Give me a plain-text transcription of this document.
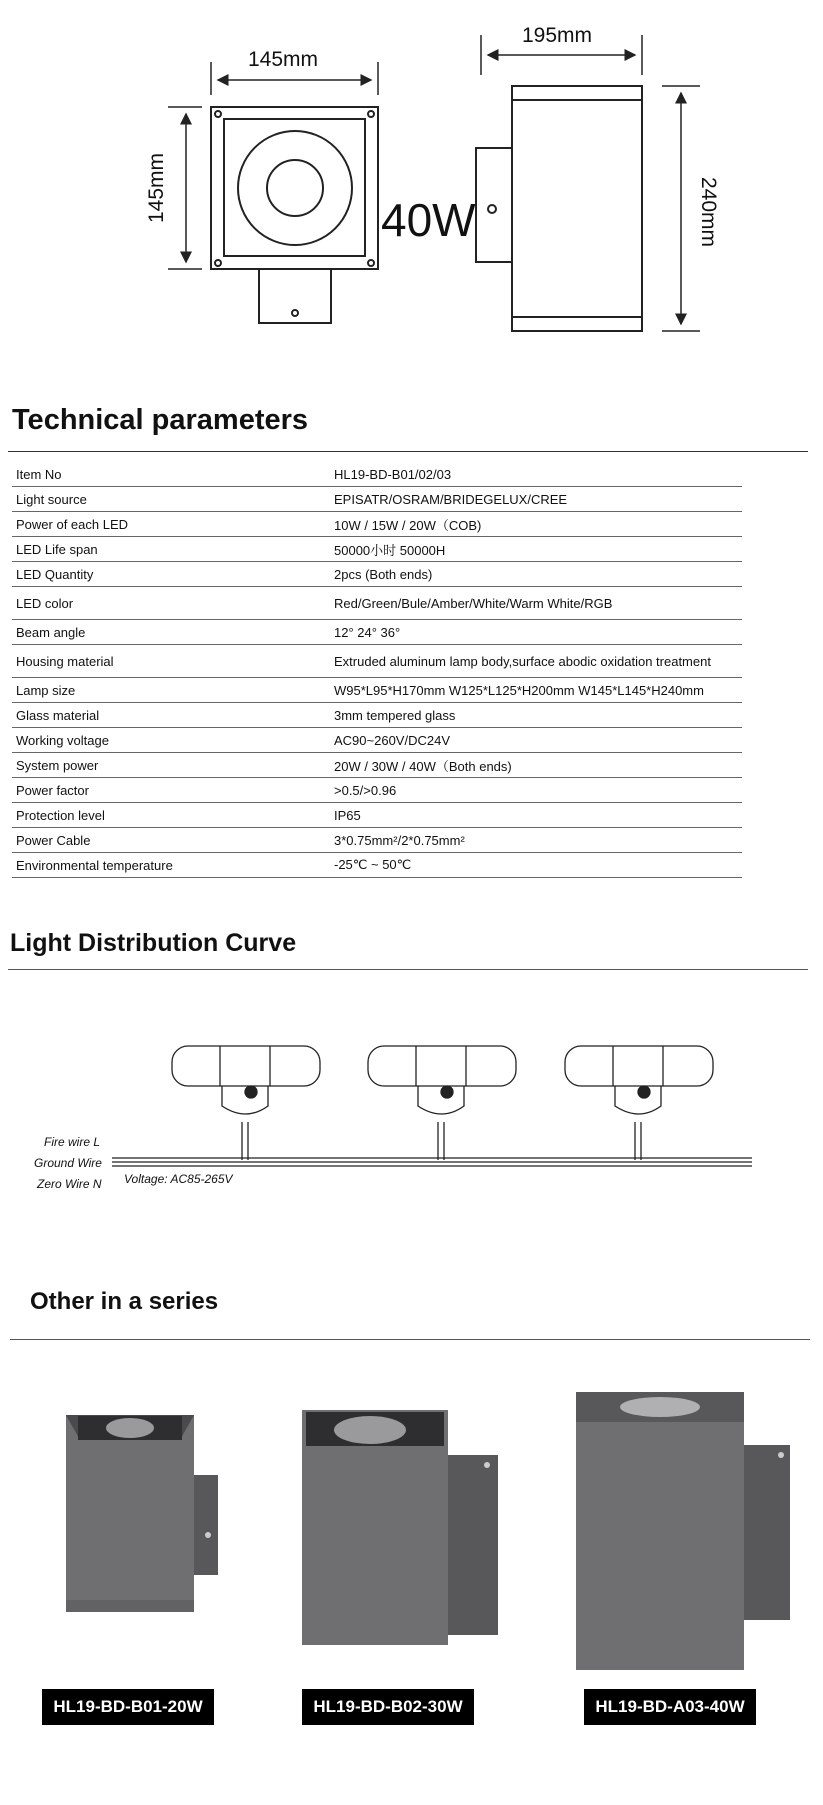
145mm
145mm
195mm
240mm
40W
Technical parameters
Item No	HL19-BD-B01/02/03
Light source	EPISATR/OSRAM/BRIDEGELUX/CREE
Power of each LED	10W / 15W / 20W（COB)
LED Life span	50000小时 50000H
LED Quantity	2pcs (Both ends)
LED color	Red/Green/Bule/Amber/White/Warm White/RGB
Beam angle	12° 24° 36°
Housing material	Extruded aluminum lamp body,surface abodic oxidation treatment
Lamp size	W95*L95*H170mm W125*L125*H200mm W145*L145*H240mm
Glass material	3mm tempered glass
Working voltage	AC90~260V/DC24V
System power	20W / 30W / 40W（Both ends)
Power factor	>0.5/>0.96
Protection level	IP65
Power Cable	3*0.75mm²/2*0.75mm²
Environmental temperature	-25℃ ~ 50℃
Light Distribution Curve
Fire wire L
Ground Wire
Zero Wire N Voltage: AC85-265V
Other in a series
HL19-BD-B01-20W	HL19-BD-B02-30W	HL19-BD-A03-40W
